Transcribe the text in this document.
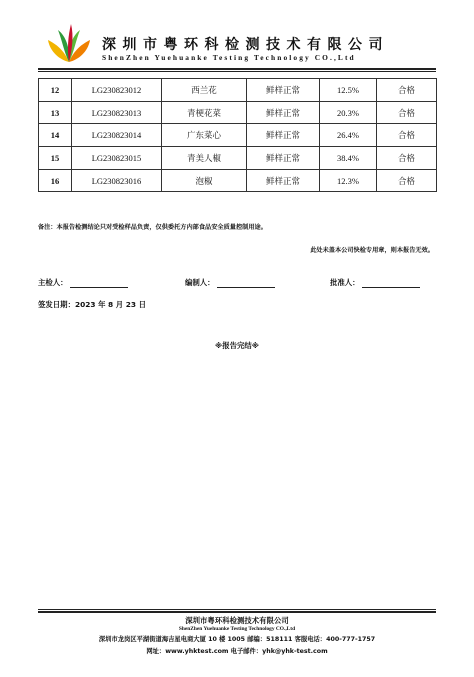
深圳市粤环科检测技术有限公司
ShenZhen Yuehuanke Testing Technology CO.,Ltd
12	LG230823012	西兰花	鲜样正常	12.5%	合格
13	LG230823013	青梗花菜	鲜样正常	20.3%	合格
14	LG230823014	广东菜心	鲜样正常	26.4%	合格
15	LG230823015	青美人椒	鲜样正常	38.4%	合格
16	LG230823016	泡椒	鲜样正常	12.3%	合格
备注：本报告检测结论只对受检样品负责，仅供委托方内部食品安全质量控制用途。
此处未盖本公司快检专用章，则本报告无效。
主检人：	编制人：	批准人：
签发日期：2023 年 8 月 23 日
※报告完结※
深圳市粤环科检测技术有限公司
ShenZhen Yuehuanke Testing Technology CO.,Ltd
深圳市龙岗区平湖街道海吉星电商大厦 10 楼 1005 邮编：518111 客服电话：400-777-1757
网址：www.yhktest.com 电子邮件：yhk@yhk-test.com
